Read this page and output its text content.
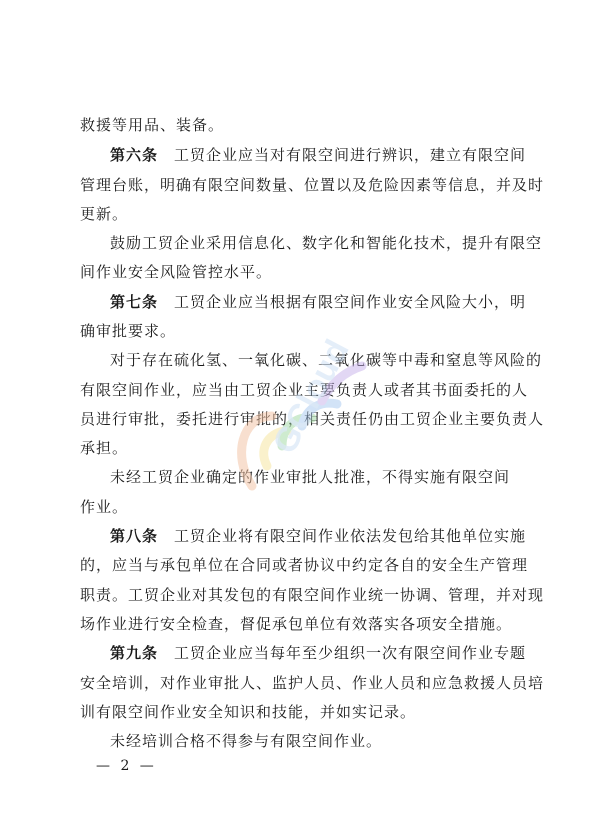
救援等用品、装备。
第六条 工贸企业应当对有限空间进行辨识，建立有限空间
管理台账，明确有限空间数量、位置以及危险因素等信息，并及时
更新。
鼓励工贸企业采用信息化、数字化和智能化技术，提升有限空
间作业安全风险管控水平。
第七条 工贸企业应当根据有限空间作业安全风险大小，明
确审批要求。
对于存在硫化氢、一氧化碳、二氧化碳等中毒和窒息等风险的
有限空间作业，应当由工贸企业主要负责人或者其书面委托的人
员进行审批，委托进行审批的，相关责任仍由工贸企业主要负责人
承担。
未经工贸企业确定的作业审批人批准，不得实施有限空间
作业。
第八条 工贸企业将有限空间作业依法发包给其他单位实施
的，应当与承包单位在合同或者协议中约定各自的安全生产管理
职责。工贸企业对其发包的有限空间作业统一协调、管理，并对现
场作业进行安全检查，督促承包单位有效落实各项安全措施。
第九条 工贸企业应当每年至少组织一次有限空间作业专题
安全培训，对作业审批人、监护人员、作业人员和应急救援人员培
训有限空间作业安全知识和技能，并如实记录。
未经培训合格不得参与有限空间作业。
— 2 —
GCloud
